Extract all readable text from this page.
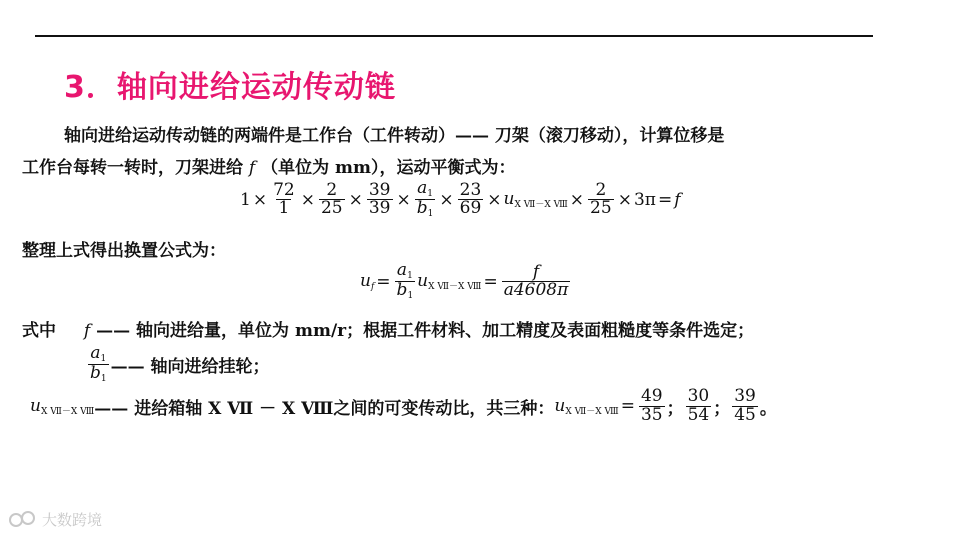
3．轴向进给运动传动链
轴向进给运动传动链的两端件是工作台（工件转动）—— 刀架（滚刀移动），计算位移是
工作台每转一转时，刀架进给 f （单位为 mm），运动平衡式为：
$1 \times \frac{72}{1} \times \frac{2}{25} \times \frac{39}{39} \times \frac{a_1}{b_1} \times \frac{23}{69} \times u_{X Ⅶ-X Ⅷ} \times \frac{2}{25} \times 3\pi = f$
整理上式得出换置公式为：
$u_f = \frac{a_1}{b_1} u_{X Ⅶ-X Ⅷ} = \frac{f}{a4608\pi}$
式中 f —— 轴向进给量，单位为 mm/r；根据工件材料、加工精度及表面粗糙度等条件选定；
$\frac{a_1}{b_1}$ —— 轴向进给挂轮；
$u_{X Ⅶ-X Ⅷ}$ —— 进给箱轴 X Ⅶ － X Ⅷ之间的可变传动比，共三种： $u_{X Ⅶ-X Ⅷ} = \frac{49}{35}$ ； $\frac{30}{54}$ ； $\frac{39}{45}$ 。
大数跨境
